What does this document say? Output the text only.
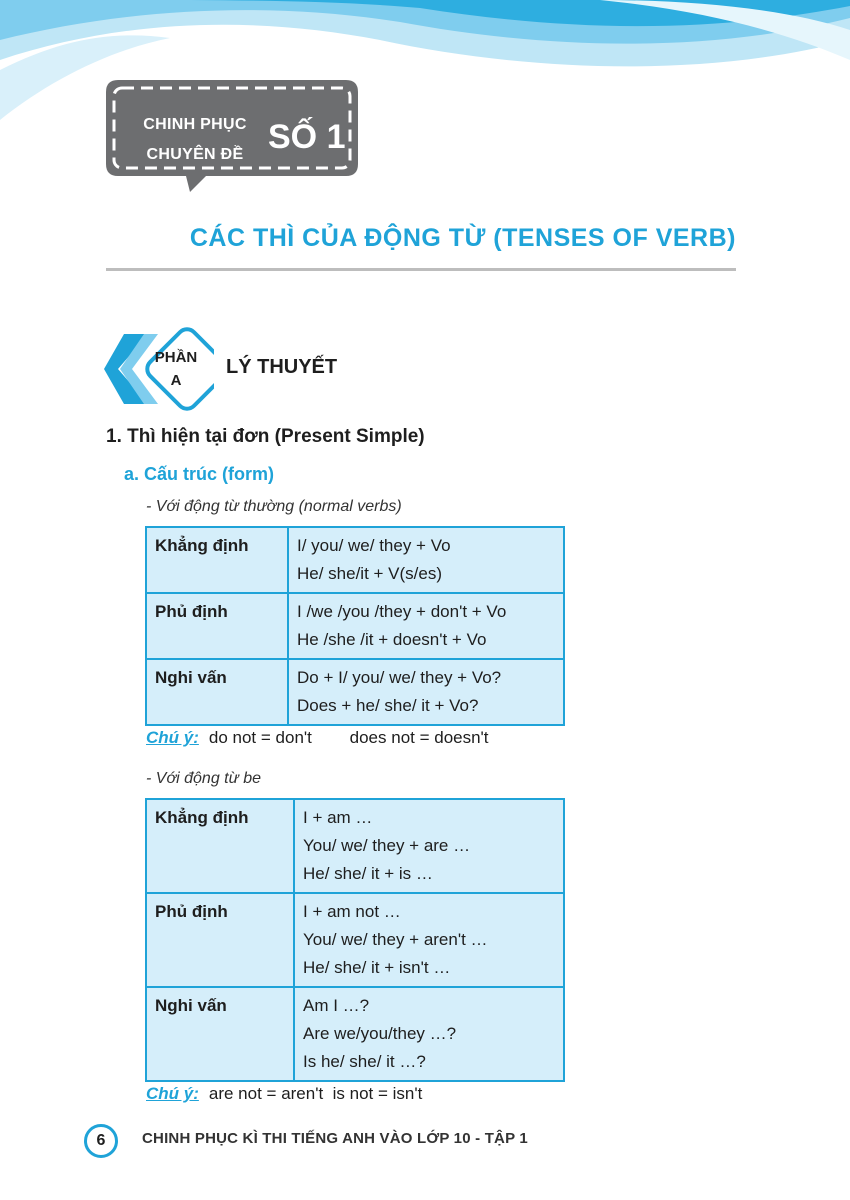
CHINH PHỤC
CHUYÊN ĐỀ SỐ 1
CÁC THÌ CỦA ĐỘNG TỪ (TENSES OF VERB)
PHẦN
A
LÝ THUYẾT
1. Thì hiện tại đơn (Present Simple)
a. Cấu trúc (form)
- Với động từ thường (normal verbs)
Khẳng định	I/ you/ we/ they + Vo
He/ she/it + V(s/es)

Phủ định	I /we /you /they + don't + Vo
He /she /it + doesn't + Vo

Nghi vấn	Do + I/ you/ we/ they + Vo?
Does + he/ she/ it + Vo?
Chú ý: do not = don't        does not = doesn't
- Với động từ be
Khẳng định	I + am …
You/ we/ they + are …
He/ she/ it + is …

Phủ định	I + am not …
You/ we/ they + aren't …
He/ she/ it + isn't …

Nghi vấn	Am I …?
Are we/you/they …?
Is he/ she/ it …?
Chú ý: are not = aren't  is not = isn't
6	CHINH PHỤC KÌ THI TIẾNG ANH VÀO LỚP 10 - TẬP 1
